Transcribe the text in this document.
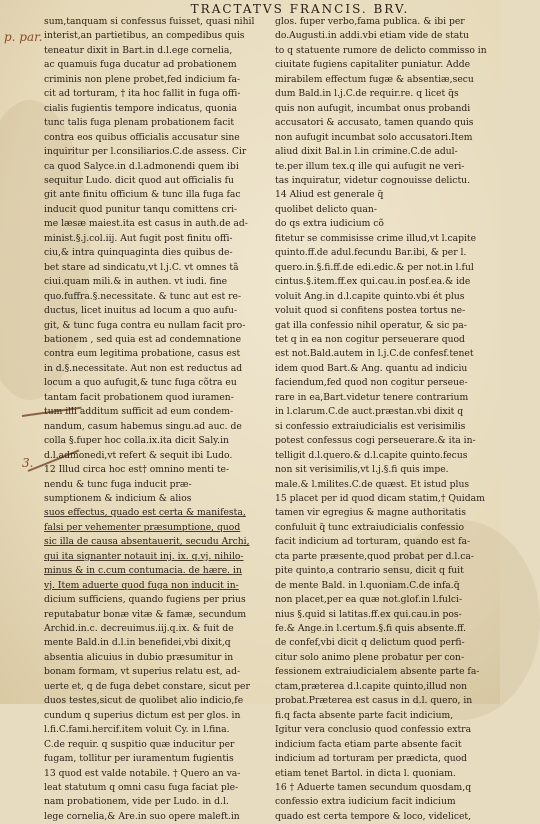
TRACTATVS FRANCIS. BRV.
p. par.
3.
sum,tanquam si confessus fuisset, quasi nihil
interist,an partietibus, an compedibus quis
teneatur dixit in Bart.in d.l.ege cornelia,
ac quamuis fuga ducatur ad probationem
criminis non plene probet,fed indicium fa-
cit ad torturam, † ita hoc fallit in fuga offi-
cialis fugientis tempore indicatus, quonia
tunc talis fuga plenam probationem facit
contra eos quibus officialis accusatur sine
inquiritur per l.consiliarios.C.de assess. Cir
ca quod Salyce.in d.l.admonendi quem ibi
sequitur Ludo. dicit quod aut officialis fu
git ante finitu officium & tunc illa fuga fac
inducit quod punitur tanqu comittens cri-
me læsæ maiest.ita est casus in auth.de ad-
minist.§.j.col.iij. Aut fugit post finitu offi-
ciu,& intra quinquaginta dies quibus de-
bet stare ad sindicatu,vt l.j.C. vt omnes tã
ciui.quam mili.& in authen. vt iudi. fine
quo.fuffra.§.necessitate. & tunc aut est re-
ductus, licet inuitus ad locum a quo aufu-
git, & tunc fuga contra eu nullam facit pro-
bationem , sed quia est ad condemnatione
contra eum legitima probatione, casus est
in d.§.necessitate. Aut non est reductus ad
locum a quo aufugit,& tunc fuga cõtra eu
tantam facit probationem quod iuramen-
tum illi additum sufficit ad eum condem-
nandum, casum habemus singu.ad auc. de
colla §.fuper hoc colla.ix.ita dicit Saly.in
d.l.admonedi,vt refert & sequit ibi Ludo.
12 Illud circa hoc est† omnino menti te-
nendu & tunc fuga inducit præ-
sumptionem & indicium & alios
suos effectus, quado est certa & manifesta,
falsi per vehementer præsumptione, quod
sic illa de causa absentauerit, secudu Archi,
qui ita signanter notauit inj. ix. q.vj. nihilo-
minus & in c.cum contumacia. de hære. in
vj. Item aduerte quod fuga non inducit in-
dicium sufficiens, quando fugiens per prius
reputabatur bonæ vitæ & famæ, secundum
Archid.in.c. decreuimus.iij.q.ix. & fuit de
mente Bald.in d.l.in benefidei,vbi dixit,q
absentia alicuius in dubio præsumitur in
bonam formam, vt superius relatu est, ad-
uerte et, q de fuga debet constare, sicut per
duos testes,sicut de quolibet alio indicio,fe
cundum q superius dictum est per glos. in
l.fi.C.fami.hercif.item voluit Cy. in l.fina.
C.de requir. q suspitio quæ inducitur per
fugam, tollitur per iuramentum fugientis
13 quod est valde notabile. † Quero an va-
leat statutum q omni casu fuga faciat ple-
nam probationem, vide per Ludo. in d.l.
lege cornelia,& Are.in suo opere maleft.in
glos. fuper verbo,fama publica. & ibi per
do.Augusti.in addi.vbi etiam vide de statu
to q statuente rumore de delicto commisso in
ciuitate fugiens capitaliter puniatur. Adde
mirabilem effectum fugæ & absentiæ,secu
dum Bald.in l.j.C.de requir.re. q licet q̃s
quis non aufugit, incumbat onus probandi
accusatori & accusato, tamen quando quis
non aufugit incumbat solo accusatori.Item
aliud dixit Bal.in l.in crimine.C.de adul-
te.per illum tex.q ille qui aufugit ne veri-
tas inquiratur, videtur cognouisse delictu.
14 Aliud est generale q̃
quolibet delicto quan-
do qs extra iudicium cõ
fitetur se commisisse crime illud,vt l.capite
quinto.ff.de adul.fecundu Bar.ibi, & per l.
quero.in.§.fi.ff.de edi.edic.& per not.in l.ful
cintus.§.item.ff.ex qui.cau.in posf.ea.& ide
voluit Ang.in d.l.capite quinto.vbi ét plus
voluit quod si confitens postea tortus ne-
gat illa confessio nihil operatur, & sic pa-
tet q in ea non cogitur perseuerare quod
est not.Bald.autem in l.j.C.de confesf.tenet
idem quod Bart.& Ang. quantu ad indiciu
faciendum,fed quod non cogitur perseue-
rare in ea,Bart.videtur tenere contrarium
in l.clarum.C.de auct.præstan.vbi dixit q
si confessio extraiudicialis est verisimilis
potest confessus cogi perseuerare.& ita in-
telligit d.l.quero.& d.l.capite quinto.fecus
non sit verisimilis,vt l.j.§.fi quis impe.
male.& l.milites.C.de quæst. Et istud plus
15 placet per id quod dicam statim,† Quidam
tamen vir egregius & magne authoritatis
confuluit q̃ tunc extraiudicialis confessio
facit indicium ad torturam, quando est fa-
cta parte præsente,quod probat per d.l.ca-
pite quinto,a contrario sensu, dicit q fuit
de mente Bald. in l.quoniam.C.de infa.q̃
non placet,per ea quæ not.glof.in l.fulci-
nius §.quid si latitas.ff.ex qui.cau.in pos-
fe.& Ange.in l.certum.§.fi quis absente.ff.
de confef,vbi dicit q delictum quod perfi-
citur solo animo plene probatur per con-
fessionem extraiudicialem absente parte fa-
ctam,præterea d.l.capite quinto,illud non
probat.Præterea est casus in d.l. quero, in
fi.q facta absente parte facit indicium,
Igitur vera conclusio quod confessio extra
indicium facta etiam parte absente facit
indicium ad torturam per prædicta, quod
etiam tenet Bartol. in dicta l. quoniam.
16 † Aduerte tamen secundum quosdam,q
confessio extra iudicium facit indicium
quado est certa tempore & loco, videlicet,
